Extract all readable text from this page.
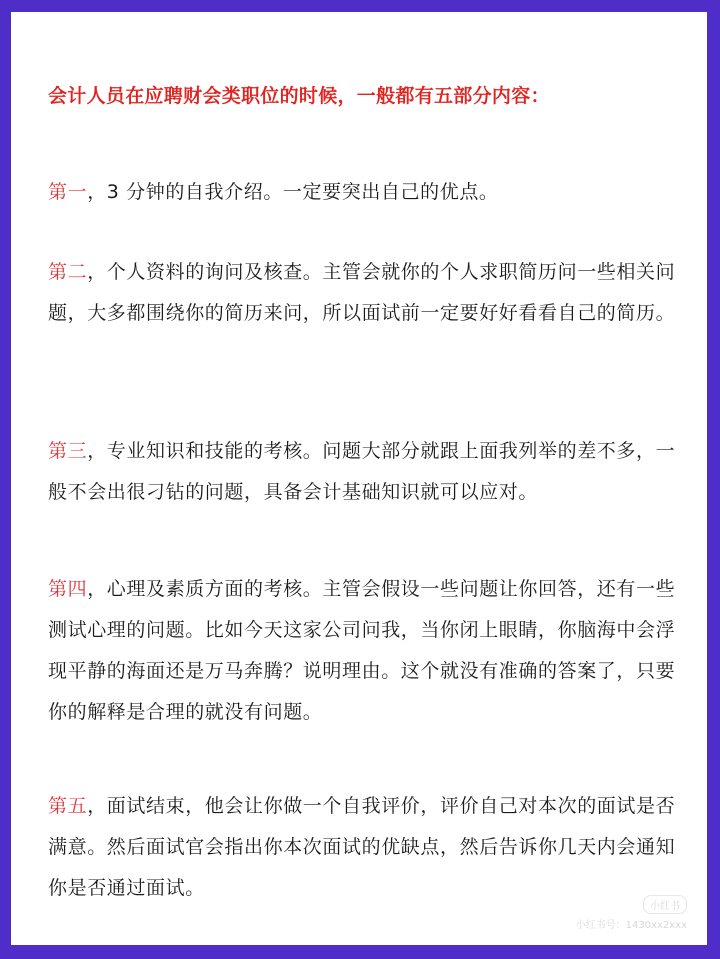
会计人员在应聘财会类职位的时候，一般都有五部分内容：
第一，3 分钟的自我介绍。一定要突出自己的优点。
第二，个人资料的询问及核查。主管会就你的个人求职简历问一些相关问题，大多都围绕你的简历来问，所以面试前一定要好好看看自己的简历。
第三，专业知识和技能的考核。问题大部分就跟上面我列举的差不多，一般不会出很刁钻的问题，具备会计基础知识就可以应对。
第四，心理及素质方面的考核。主管会假设一些问题让你回答，还有一些测试心理的问题。比如今天这家公司问我，当你闭上眼睛，你脑海中会浮现平静的海面还是万马奔腾？说明理由。这个就没有准确的答案了，只要你的解释是合理的就没有问题。
第五，面试结束，他会让你做一个自我评价，评价自己对本次的面试是否满意。然后面试官会指出你本次面试的优缺点，然后告诉你几天内会通知你是否通过面试。
小红书
小红书号：1430xx2xxx
